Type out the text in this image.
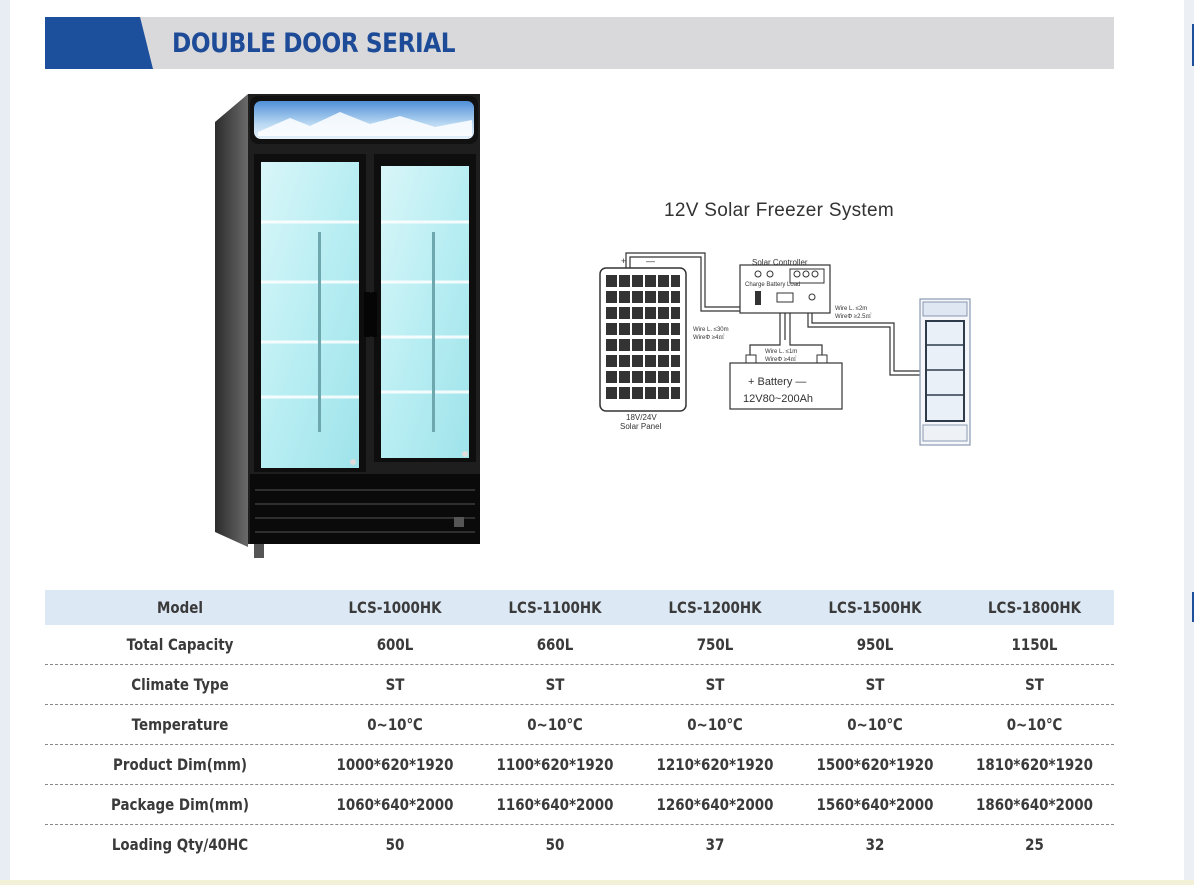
DOUBLE DOOR SERIAL
12V Solar Freezer System
+ —	Solar Controller
Charge Battery Load
Wire L. ≤30m
WireΦ ≥4㎡
Wire L. ≤2m
WireΦ ≥2.5㎡
Wire L. ≤1m
WireΦ ≥4㎡
+ Battery —
12V80~200Ah
18V/24V
Solar Panel
Model	LCS-1000HK	LCS-1100HK	LCS-1200HK	LCS-1500HK	LCS-1800HK
Total Capacity	600L	660L	750L	950L	1150L
Climate Type	ST	ST	ST	ST	ST
Temperature	0~10℃	0~10℃	0~10℃	0~10℃	0~10℃
Product Dim(mm)	1000*620*1920	1100*620*1920	1210*620*1920	1500*620*1920	1810*620*1920
Package Dim(mm)	1060*640*2000	1160*640*2000	1260*640*2000	1560*640*2000	1860*640*2000
Loading Qty/40HC	50	50	37	32	25
